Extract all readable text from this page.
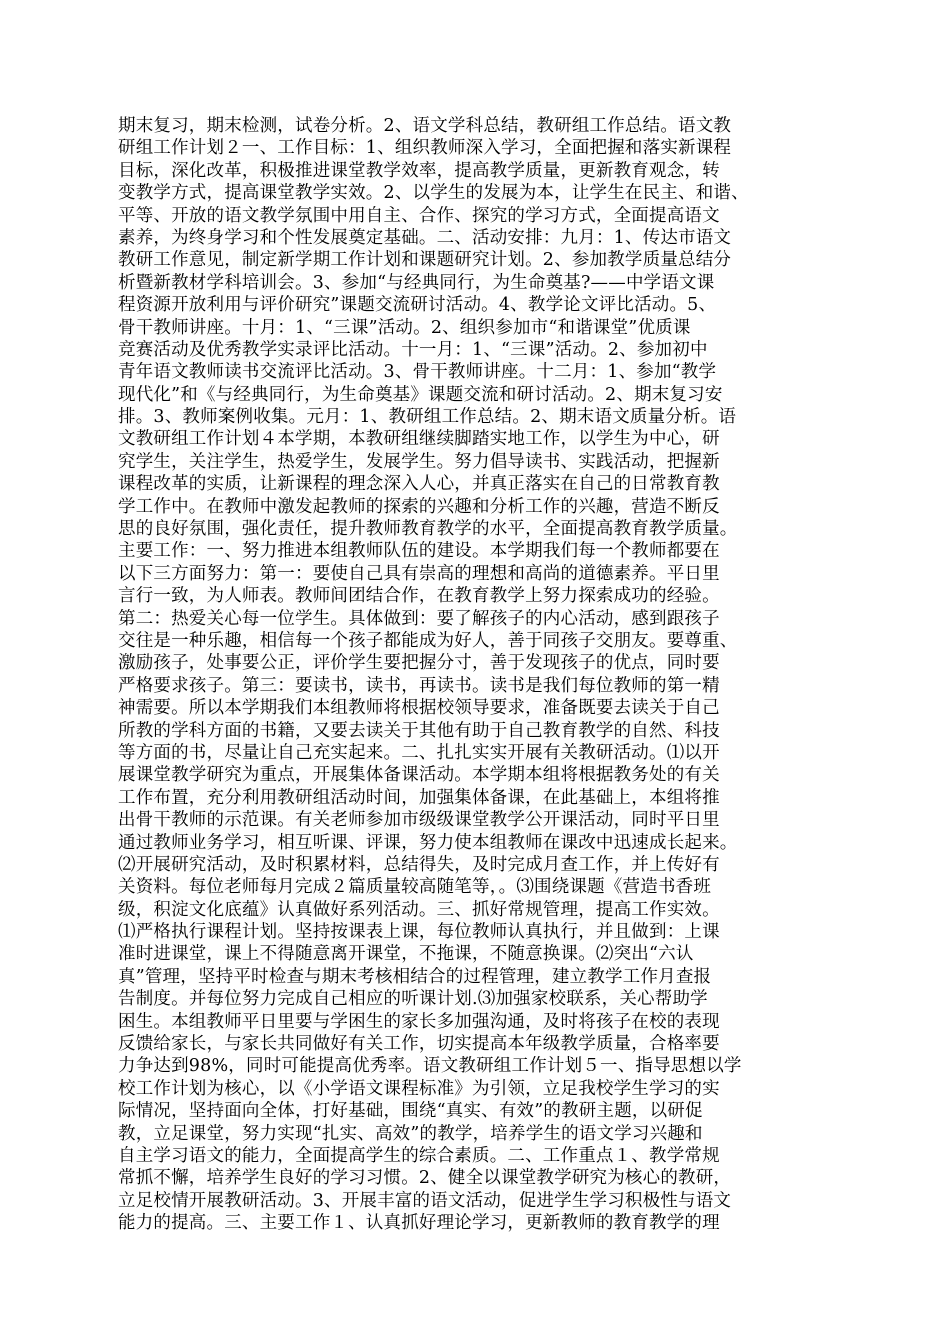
期末复习，期末检测，试卷分析。2、语文学科总结，教研组工作总结。语文教
研组工作计划２一、工作目标：1、组织教师深入学习，全面把握和落实新课程
目标，深化改革，积极推进课堂教学效率，提高教学质量，更新教育观念，转
变教学方式，提高课堂教学实效。2、以学生的发展为本，让学生在民主、和谐、
平等、开放的语文教学氛围中用自主、合作、探究的学习方式，全面提高语文
素养，为终身学习和个性发展奠定基础。二、活动安排：九月：1、传达市语文
教研工作意见，制定新学期工作计划和课题研究计划。2、参加教学质量总结分
析暨新教材学科培训会。3、参加“与经典同行，为生命奠基?——中学语文课
程资源开放利用与评价研究”课题交流研讨活动。4、教学论文评比活动。5、
骨干教师讲座。十月：1、“三课”活动。2、组织参加市“和谐课堂”优质课
竞赛活动及优秀教学实录评比活动。十一月：1、“三课”活动。2、参加初中
青年语文教师读书交流评比活动。3、骨干教师讲座。十二月：1、参加“教学
现代化”和《与经典同行，为生命奠基》课题交流和研讨活动。2、期末复习安
排。3、教师案例收集。元月：1、教研组工作总结。2、期末语文质量分析。语
文教研组工作计划４本学期，本教研组继续脚踏实地工作，以学生为中心，研
究学生，关注学生，热爱学生，发展学生。努力倡导读书、实践活动，把握新
课程改革的实质，让新课程的理念深入人心，并真正落实在自己的日常教育教
学工作中。在教师中激发起教师的探索的兴趣和分析工作的兴趣，营造不断反
思的良好氛围，强化责任，提升教师教育教学的水平，全面提高教育教学质量。
主要工作：一、努力推进本组教师队伍的建设。本学期我们每一个教师都要在
以下三方面努力：第一：要使自己具有崇高的理想和高尚的道德素养。平日里
言行一致，为人师表。教师间团结合作，在教育教学上努力探索成功的经验。
第二：热爱关心每一位学生。具体做到：要了解孩子的内心活动，感到跟孩子
交往是一种乐趣，相信每一个孩子都能成为好人，善于同孩子交朋友。要尊重、
激励孩子，处事要公正，评价学生要把握分寸，善于发现孩子的优点，同时要
严格要求孩子。第三：要读书，读书，再读书。读书是我们每位教师的第一精
神需要。所以本学期我们本组教师将根据校领导要求，准备既要去读关于自己
所教的学科方面的书籍，又要去读关于其他有助于自己教育教学的自然、科技
等方面的书，尽量让自己充实起来。二、扎扎实实开展有关教研活动。⑴以开
展课堂教学研究为重点，开展集体备课活动。本学期本组将根据教务处的有关
工作布置，充分利用教研组活动时间，加强集体备课，在此基础上，本组将推
出骨干教师的示范课。有关老师参加市级级课堂教学公开课活动，同时平日里
通过教师业务学习，相互听课、评课，努力使本组教师在课改中迅速成长起来。
⑵开展研究活动，及时积累材料，总结得失，及时完成月查工作，并上传好有
关资料。每位老师每月完成２篇质量较高随笔等，。⑶围绕课题《营造书香班
级，积淀文化底蕴》认真做好系列活动。三、抓好常规管理，提高工作实效。
⑴严格执行课程计划。坚持按课表上课，每位教师认真执行，并且做到：上课
准时进课堂，课上不得随意离开课堂，不拖课，不随意换课。⑵突出“六认
真”管理，坚持平时检查与期末考核相结合的过程管理，建立教学工作月查报
告制度。并每位努力完成自己相应的听课计划.⑶加强家校联系，关心帮助学
困生。本组教师平日里要与学困生的家长多加强沟通，及时将孩子在校的表现
反馈给家长，与家长共同做好有关工作，切实提高本年级教学质量，合格率要
力争达到98%，同时可能提高优秀率。语文教研组工作计划５一、指导思想以学
校工作计划为核心，以《小学语文课程标准》为引领，立足我校学生学习的实
际情况，坚持面向全体，打好基础，围绕“真实、有效”的教研主题，以研促
教，立足课堂，努力实现“扎实、高效”的教学，培养学生的语文学习兴趣和
自主学习语文的能力，全面提高学生的综合素质。二、工作重点１、教学常规
常抓不懈，培养学生良好的学习习惯。2、健全以课堂教学研究为核心的教研，
立足校情开展教研活动。3、开展丰富的语文活动，促进学生学习积极性与语文
能力的提高。三、主要工作１、认真抓好理论学习，更新教师的教育教学的理
